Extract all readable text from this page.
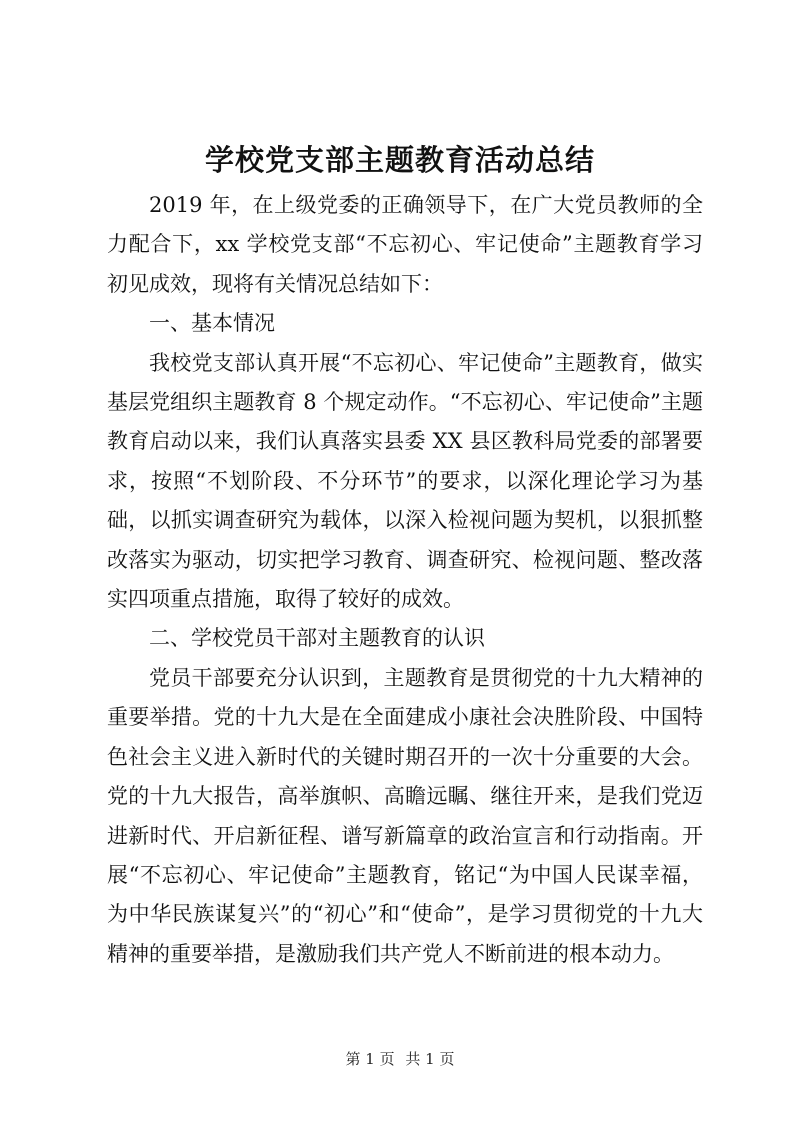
学校党支部主题教育活动总结

2019 年，在上级党委的正确领导下，在广大党员教师的全力配合下，xx 学校党支部“不忘初心、牢记使命”主题教育学习初见成效，现将有关情况总结如下：

一、基本情况

我校党支部认真开展“不忘初心、牢记使命”主题教育，做实基层党组织主题教育 8 个规定动作。“不忘初心、牢记使命”主题教育启动以来，我们认真落实县委 XX 县区教科局党委的部署要求，按照“不划阶段、不分环节”的要求，以深化理论学习为基础，以抓实调查研究为载体，以深入检视问题为契机，以狠抓整改落实为驱动，切实把学习教育、调查研究、检视问题、整改落实四项重点措施，取得了较好的成效。

二、学校党员干部对主题教育的认识

党员干部要充分认识到，主题教育是贯彻党的十九大精神的重要举措。党的十九大是在全面建成小康社会决胜阶段、中国特色社会主义进入新时代的关键时期召开的一次十分重要的大会。党的十九大报告，高举旗帜、高瞻远瞩、继往开来，是我们党迈进新时代、开启新征程、谱写新篇章的政治宣言和行动指南。开展“不忘初心、牢记使命”主题教育，铭记“为中国人民谋幸福，为中华民族谋复兴”的“初心”和“使命”，是学习贯彻党的十九大精神的重要举措，是激励我们共产党人不断前进的根本动力。

第 1 页 共 1 页
